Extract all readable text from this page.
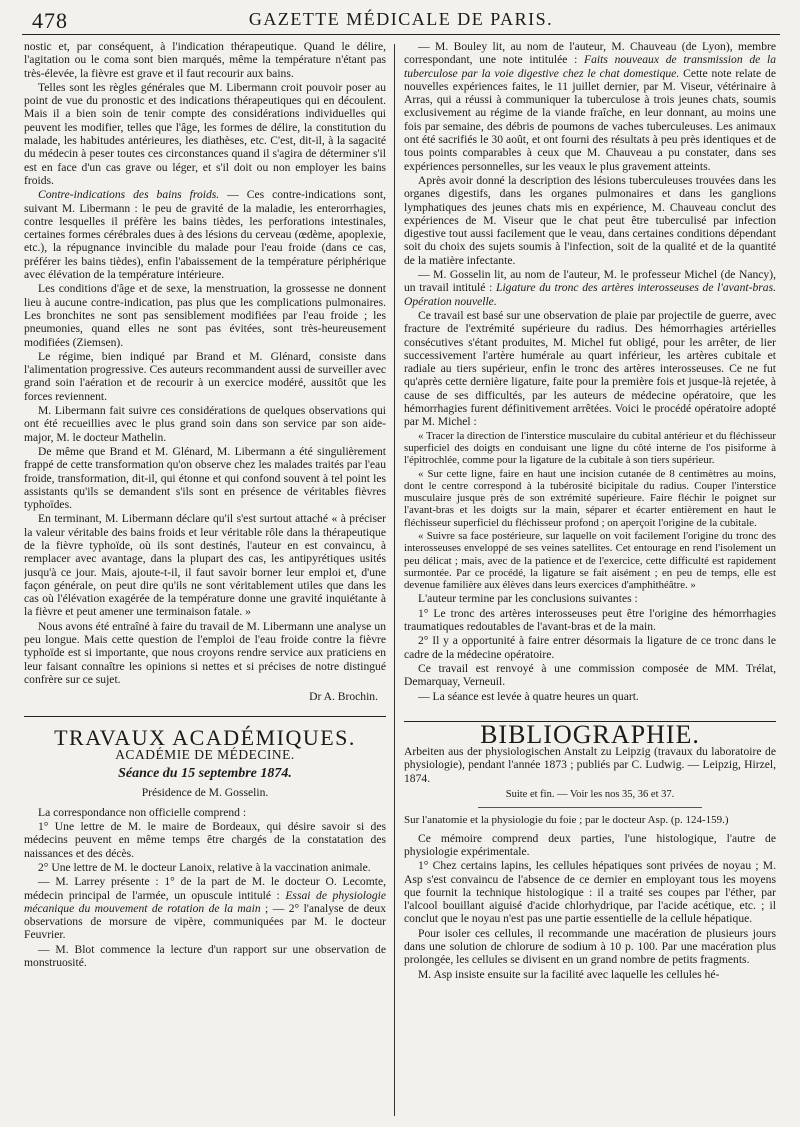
478	GAZETTE MÉDICALE DE PARIS.

nostic et, par conséquent, à l'indication thérapeutique. Quand le délire, l'agitation ou le coma sont bien marqués, même la température n'étant pas très-élevée, la fièvre est grave et il faut recourir aux bains.

Telles sont les règles générales que M. Libermann croit pouvoir poser au point de vue du pronostic et des indications thérapeutiques qui en découlent. Mais il a bien soin de tenir compte des considérations individuelles qui peuvent les modifier, telles que l'âge, les formes de délire, la constitution du malade, les habitudes antérieures, les diathèses, etc. C'est, dit-il, à la sagacité du médecin à peser toutes ces circonstances quand il s'agira de déterminer s'il est en face d'un cas grave ou léger, et s'il doit ou non employer les bains froids.

Contre-indications des bains froids. — Ces contre-indications sont, suivant M. Libermann : le peu de gravité de la maladie, les enterorrhagies, contre lesquelles il préfère les bains tièdes, les perforations intestinales, certaines formes cérébrales dues à des lésions du cerveau (œdème, apoplexie, etc.), la répugnance invincible du malade pour l'eau froide (dans ce cas, préférer les bains tièdes), enfin l'abaissement de la température périphérique avec élévation de la température intérieure.

Les conditions d'âge et de sexe, la menstruation, la grossesse ne donnent lieu à aucune contre-indication, pas plus que les complications pulmonaires. Les bronchites ne sont pas sensiblement modifiées par l'eau froide ; les pneumonies, quand elles ne sont pas évitées, sont très-heureusement modifiées (Ziemsen).

Le régime, bien indiqué par Brand et M. Glénard, consiste dans l'alimentation progressive. Ces auteurs recommandent aussi de surveiller avec grand soin l'aération et de recourir à un exercice modéré, aussitôt que les forces reviennent.

M. Libermann fait suivre ces considérations de quelques observations qui ont été recueillies avec le plus grand soin dans son service par son aide-major, M. le docteur Mathelin.

De même que Brand et M. Glénard, M. Libermann a été singulièrement frappé de cette transformation qu'on observe chez les malades traités par l'eau froide, transformation, dit-il, qui étonne et qui confond souvent à tel point les assistants qu'ils se demandent s'ils sont en présence de véritables fièvres typhoïdes.

En terminant, M. Libermann déclare qu'il s'est surtout attaché « à préciser la valeur véritable des bains froids et leur véritable rôle dans la thérapeutique de la fièvre typhoïde, où ils sont destinés, l'auteur en est convaincu, à remplacer avec avantage, dans la plupart des cas, les antipyrétiques usités jusqu'à ce jour. Mais, ajoute-t-il, il faut savoir borner leur emploi et, d'une façon générale, on peut dire qu'ils ne sont véritablement utiles que dans les cas où l'élévation exagérée de la température donne une gravité inquiétante à la fièvre et peut amener une terminaison fatale. »

Nous avons été entraîné à faire du travail de M. Libermann une analyse un peu longue. Mais cette question de l'emploi de l'eau froide contre la fièvre typhoïde est si importante, que nous croyons rendre service aux praticiens en leur faisant connaître les opinions si nettes et si précises de notre distingué confrère sur ce sujet.

Dr A. Brochin.
TRAVAUX ACADÉMIQUES.
ACADÉMIE DE MÉDECINE.
Séance du 15 septembre 1874.
Présidence de M. Gosselin.

La correspondance non officielle comprend :

1° Une lettre de M. le maire de Bordeaux, qui désire savoir si des médecins peuvent en même temps être chargés de la constatation des naissances et des décès.

2° Une lettre de M. le docteur Lanoix, relative à la vaccination animale.

— M. Larrey présente : 1° de la part de M. le docteur O. Lecomte, médecin principal de l'armée, un opuscule intitulé : Essai de physiologie mécanique du mouvement de rotation de la main ; — 2° l'analyse de deux observations de morsure de vipère, communiquées par M. le docteur Feuvrier.

— M. Blot commence la lecture d'un rapport sur une observation de monstruosité.

— M. Bouley lit, au nom de l'auteur, M. Chauveau (de Lyon), membre correspondant, une note intitulée : Faits nouveaux de transmission de la tuberculose par la voie digestive chez le chat domestique. Cette note relate de nouvelles expériences faites, le 11 juillet dernier, par M. Viseur, vétérinaire à Arras, qui a réussi à communiquer la tuberculose à trois jeunes chats, soumis exclusivement au régime de la viande fraîche, en leur donnant, au moins une fois par semaine, des débris de poumons de vaches tuberculeuses. Les animaux ont été sacrifiés le 30 août, et ont fourni des résultats à peu près identiques et de tous points comparables à ceux que M. Chauveau a pu constater, dans ses expériences personnelles, sur les veaux le plus gravement atteints.

Après avoir donné la description des lésions tuberculeuses trouvées dans les organes digestifs, dans les organes pulmonaires et dans les ganglions lymphatiques des jeunes chats mis en expérience, M. Chauveau conclut des expériences de M. Viseur que le chat peut être tuberculisé par infection digestive tout aussi facilement que le veau, dans certaines conditions dépendant soit du choix des sujets soumis à l'infection, soit de la qualité et de la quantité de la matière infectante.

— M. Gosselin lit, au nom de l'auteur, M. le professeur Michel (de Nancy), un travail intitulé : Ligature du tronc des artères interosseuses de l'avant-bras. Opération nouvelle.

Ce travail est basé sur une observation de plaie par projectile de guerre, avec fracture de l'extrémité supérieure du radius. Des hémorrhagies artérielles consécutives s'étant produites, M. Michel fut obligé, pour les arrêter, de lier successivement l'artère humérale au quart inférieur, les artères cubitale et radiale au tiers supérieur, enfin le tronc des artères interosseuses. Ce ne fut qu'après cette dernière ligature, faite pour la première fois et jusque-là rejetée, à cause de ses difficultés, par les auteurs de médecine opératoire, que les hémorrhagies furent définitivement arrêtées. Voici le procédé opératoire adopté par M. Michel :

« Tracer la direction de l'interstice musculaire du cubital antérieur et du fléchisseur superficiel des doigts en conduisant une ligne du côté interne de l'os pisiforme à l'épitrochlée, comme pour la ligature de la cubitale à son tiers supérieur.

« Sur cette ligne, faire en haut une incision cutanée de 8 centimètres au moins, dont le centre correspond à la tubérosité bicipitale du radius. Couper l'interstice musculaire jusque près de son extrémité supérieure. Faire fléchir le poignet sur l'avant-bras et les doigts sur la main, séparer et écarter entièrement en haut le fléchisseur superficiel du fléchisseur profond ; on aperçoit l'origine de la cubitale.

« Suivre sa face postérieure, sur laquelle on voit facilement l'origine du tronc des interosseuses enveloppé de ses veines satellites. Cet entourage en rend l'isolement un peu délicat ; mais, avec de la patience et de l'exercice, cette difficulté est rapidement surmontée. Par ce procédé, la ligature se fait aisément ; en peu de temps, elle est devenue familière aux élèves dans leurs exercices d'amphithéâtre. »

L'auteur termine par les conclusions suivantes :

1° Le tronc des artères interosseuses peut être l'origine des hémorrhagies traumatiques redoutables de l'avant-bras et de la main.

2° Il y a opportunité à faire entrer désormais la ligature de ce tronc dans le cadre de la médecine opératoire.

Ce travail est renvoyé à une commission composée de MM. Trélat, Demarquay, Verneuil.

— La séance est levée à quatre heures un quart.

BIBLIOGRAPHIE.

Arbeiten aus der physiologischen Anstalt zu Leipzig (travaux du laboratoire de physiologie), pendant l'année 1873 ; publiés par C. Ludwig. — Leipzig, Hirzel, 1874.

Suite et fin. — Voir les nos 35, 36 et 37.

Sur l'anatomie et la physiologie du foie ; par le docteur Asp. (p. 124-159.)

Ce mémoire comprend deux parties, l'une histologique, l'autre de physiologie expérimentale.

1° Chez certains lapins, les cellules hépatiques sont privées de noyau ; M. Asp s'est convaincu de l'absence de ce dernier en employant tous les moyens que fournit la technique histologique : il a traité ses coupes par l'éther, par l'alcool bouillant aiguisé d'acide chlorhydrique, par l'acide acétique, etc. ; il conclut que le noyau n'est pas une partie essentielle de la cellule hépatique.

Pour isoler ces cellules, il recommande une macération de plusieurs jours dans une solution de chlorure de sodium à 10 p. 100. Par une macération plus prolongée, les cellules se divisent en un grand nombre de petits fragments.

M. Asp insiste ensuite sur la facilité avec laquelle les cellules hé-
